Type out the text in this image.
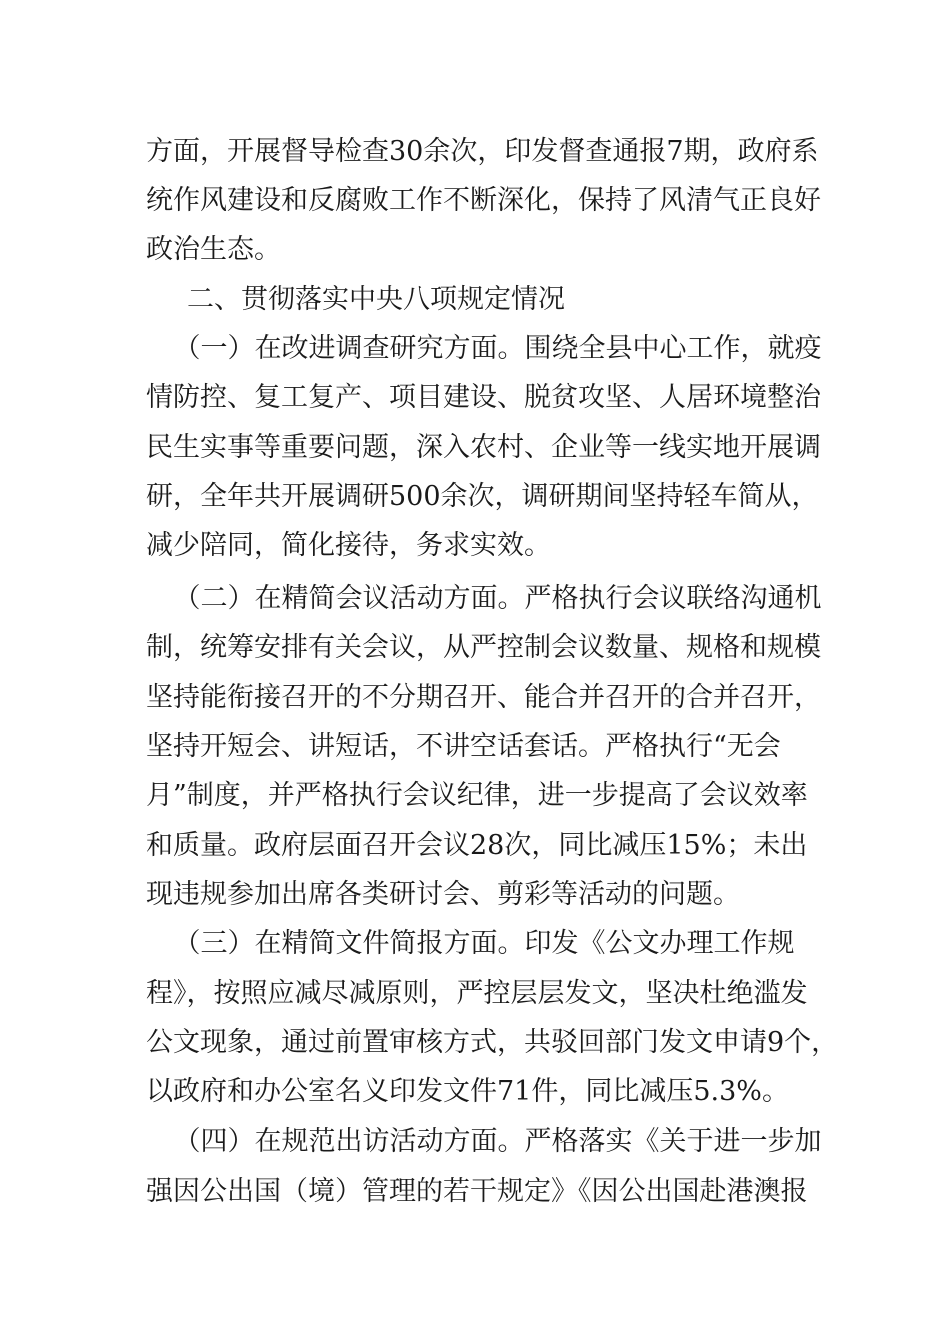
方面，开展督导检查30余次，印发督查通报7期，政府系
统作风建设和反腐败工作不断深化，保持了风清气正良好
政治生态。
　二、贯彻落实中央八项规定情况
　（一）在改进调查研究方面。围绕全县中心工作，就疫
情防控、复工复产、项目建设、脱贫攻坚、人居环境整治
民生实事等重要问题，深入农村、企业等一线实地开展调
研，全年共开展调研500余次，调研期间坚持轻车简从，
减少陪同，简化接待，务求实效。
　（二）在精简会议活动方面。严格执行会议联络沟通机
制，统筹安排有关会议，从严控制会议数量、规格和规模
坚持能衔接召开的不分期召开、能合并召开的合并召开，
坚持开短会、讲短话，不讲空话套话。严格执行“无会
月”制度，并严格执行会议纪律，进一步提高了会议效率
和质量。政府层面召开会议28次，同比减压15%；未出
现违规参加出席各类研讨会、剪彩等活动的问题。
　（三）在精简文件简报方面。印发《公文办理工作规
程》，按照应减尽减原则，严控层层发文，坚决杜绝滥发
公文现象，通过前置审核方式，共驳回部门发文申请9个，
以政府和办公室名义印发文件71件，同比减压5.3%。
　（四）在规范出访活动方面。严格落实《关于进一步加
强因公出国（境）管理的若干规定》《因公出国赴港澳报
